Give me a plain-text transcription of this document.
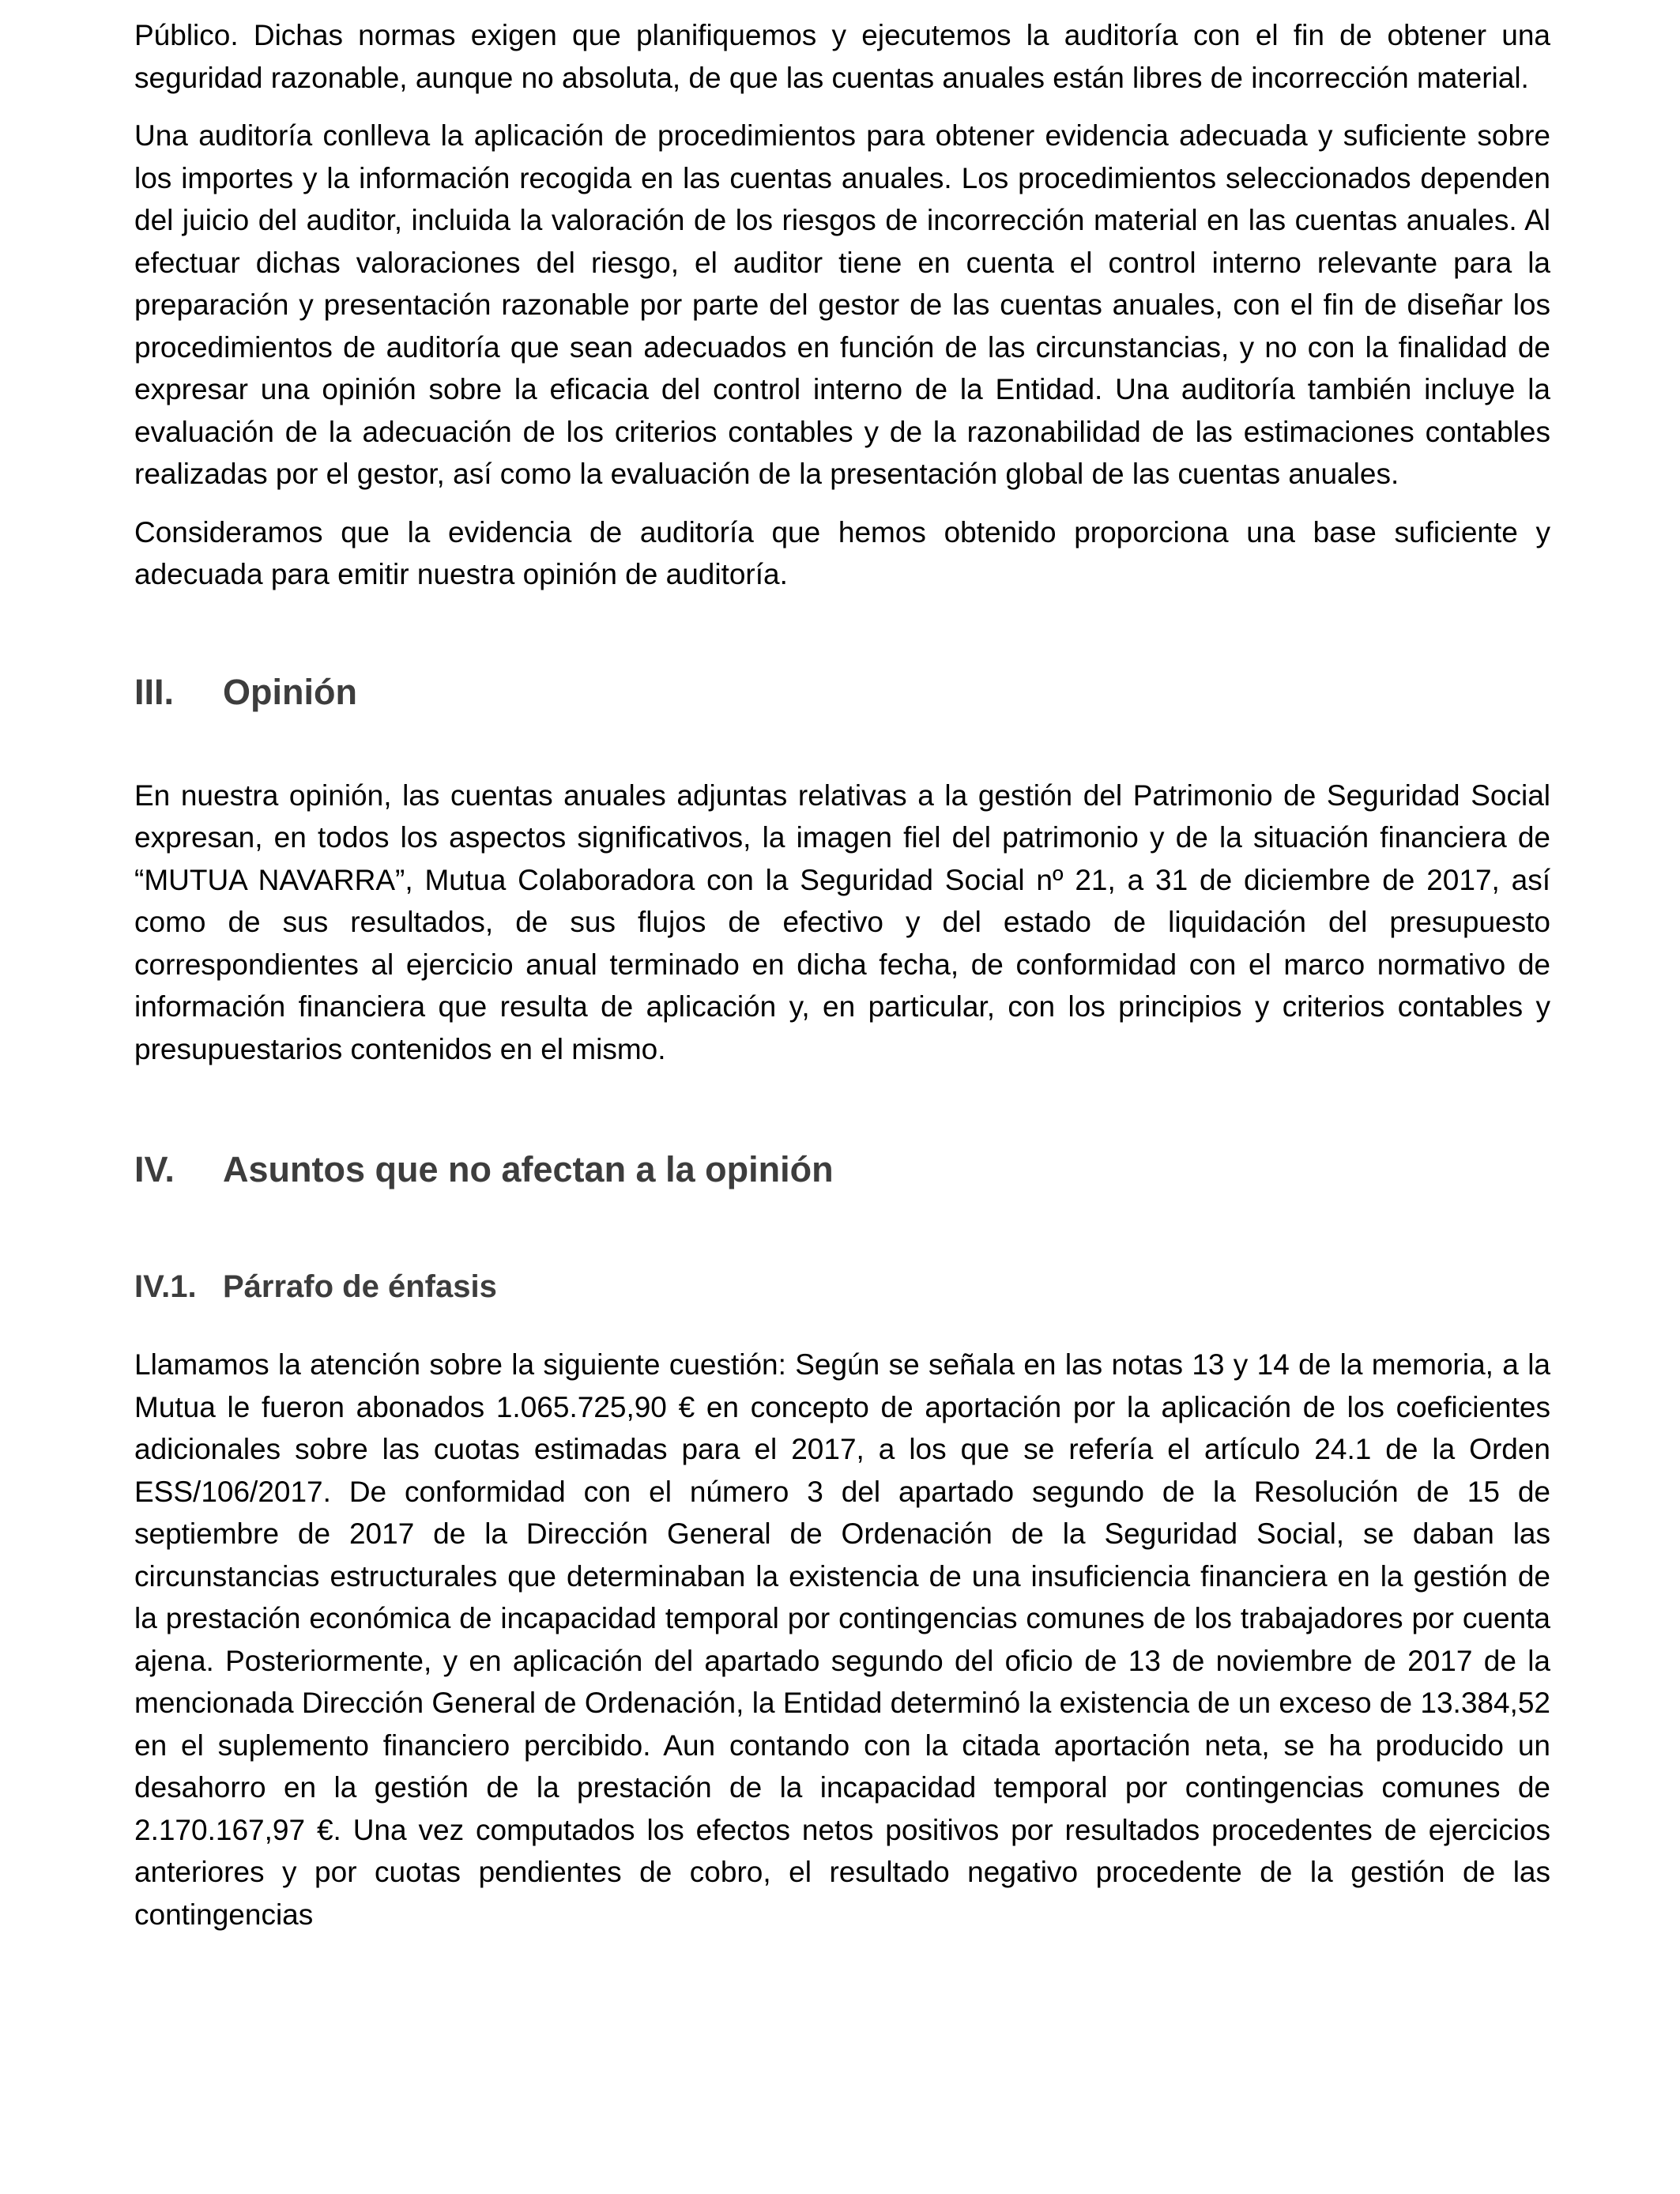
Público. Dichas normas exigen que planifiquemos y ejecutemos la auditoría con el fin de obtener una seguridad razonable, aunque no absoluta, de que las cuentas anuales están libres de incorrección material.

Una auditoría conlleva la aplicación de procedimientos para obtener evidencia adecuada y suficiente sobre los importes y la información recogida en las cuentas anuales. Los procedimientos seleccionados dependen del juicio del auditor, incluida la valoración de los riesgos de incorrección material en las cuentas anuales. Al efectuar dichas valoraciones del riesgo, el auditor tiene en cuenta el control interno relevante para la preparación y presentación razonable por parte del gestor de las cuentas anuales, con el fin de diseñar los procedimientos de auditoría que sean adecuados en función de las circunstancias, y no con la finalidad de expresar una opinión sobre la eficacia del control interno de la Entidad. Una auditoría también incluye la evaluación de la adecuación de los criterios contables y de la razonabilidad de las estimaciones contables realizadas por el gestor, así como la evaluación de la presentación global de las cuentas anuales.

Consideramos que la evidencia de auditoría que hemos obtenido proporciona una base suficiente y adecuada para emitir nuestra opinión de auditoría.

III.	Opinión

En nuestra opinión, las cuentas anuales adjuntas relativas a la gestión del Patrimonio de Seguridad Social expresan, en todos los aspectos significativos, la imagen fiel del patrimonio y de la situación financiera de “MUTUA NAVARRA”, Mutua Colaboradora con la Seguridad Social nº 21, a 31 de diciembre de 2017, así como de sus resultados, de sus flujos de efectivo y del estado de liquidación del presupuesto correspondientes al ejercicio anual terminado en dicha fecha, de conformidad con el marco normativo de información financiera que resulta de aplicación y, en particular, con los principios y criterios contables y presupuestarios contenidos en el mismo.

IV.	Asuntos que no afectan a la opinión
IV.1. Párrafo de énfasis

Llamamos la atención sobre la siguiente cuestión: Según se señala en las notas 13 y 14 de la memoria, a la Mutua le fueron abonados 1.065.725,90 € en concepto de aportación por la aplicación de los coeficientes adicionales sobre las cuotas estimadas para el 2017, a los que se refería el artículo 24.1 de la Orden ESS/106/2017. De conformidad con el número 3 del apartado segundo de la Resolución de 15 de septiembre de 2017 de la Dirección General de Ordenación de la Seguridad Social, se daban las circunstancias estructurales que determinaban la existencia de una insuficiencia financiera en la gestión de la prestación económica de incapacidad temporal por contingencias comunes de los trabajadores por cuenta ajena. Posteriormente, y en aplicación del apartado segundo del oficio de 13 de noviembre de 2017 de la mencionada Dirección General de Ordenación, la Entidad determinó la existencia de un exceso de 13.384,52 en el suplemento financiero percibido. Aun contando con la citada aportación neta, se ha producido un desahorro en la gestión de la prestación de la incapacidad temporal por contingencias comunes de 2.170.167,97 €. Una vez computados los efectos netos positivos por resultados procedentes de ejercicios anteriores y por cuotas pendientes de cobro, el resultado negativo procedente de la gestión de las contingencias
